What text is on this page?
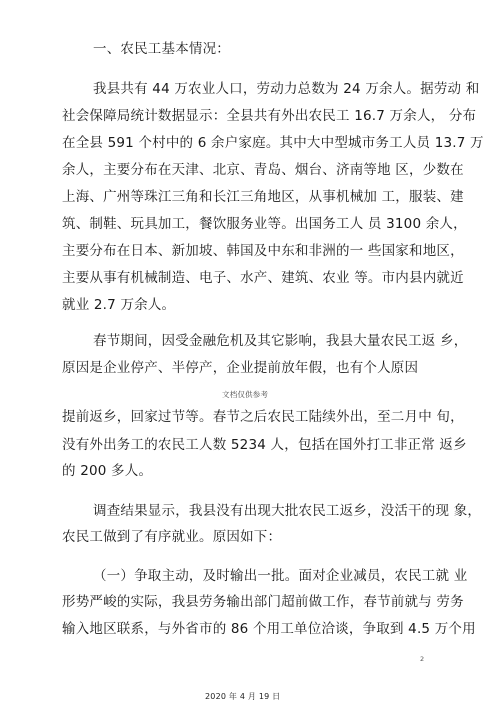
一、农民工基本情况：
我县共有 44 万农业人口，劳动力总数为 24 万余人。据劳动 和
社会保障局统计数据显示：全县共有外出农民工 16.7 万余人， 分布
在全县 591 个村中的 6 余户家庭。其中大中型城市务工人员 13.7 万
余人，主要分布在天津、北京、青岛、烟台、济南等地 区，少数在
上海、广州等珠江三角和长江三角地区，从事机械加 工，服装、建
筑、制鞋、玩具加工，餐饮服务业等。出国务工人 员 3100 余人，
主要分布在日本、新加坡、韩国及中东和非洲的一 些国家和地区，
主要从事有机械制造、电子、水产、建筑、农业 等。市内县内就近
就业 2.7 万余人。
春节期间，因受金融危机及其它影响，我县大量农民工返 乡，
原因是企业停产、半停产，企业提前放年假，也有个人原因
文档仅供参考
提前返乡，回家过节等。春节之后农民工陆续外出，至二月中 旬，
没有外出务工的农民工人数 5234 人，包括在国外打工非正常 返乡
的 200 多人。
调查结果显示，我县没有出现大批农民工返乡，没活干的现 象，
农民工做到了有序就业。原因如下：
（一）争取主动，及时输出一批。面对企业减员，农民工就 业
形势严峻的实际，我县劳务输出部门超前做工作，春节前就与 劳务
输入地区联系，与外省市的 86 个用工单位洽谈，争取到 4.5 万个用
2
2020 年 4 月 19 日
